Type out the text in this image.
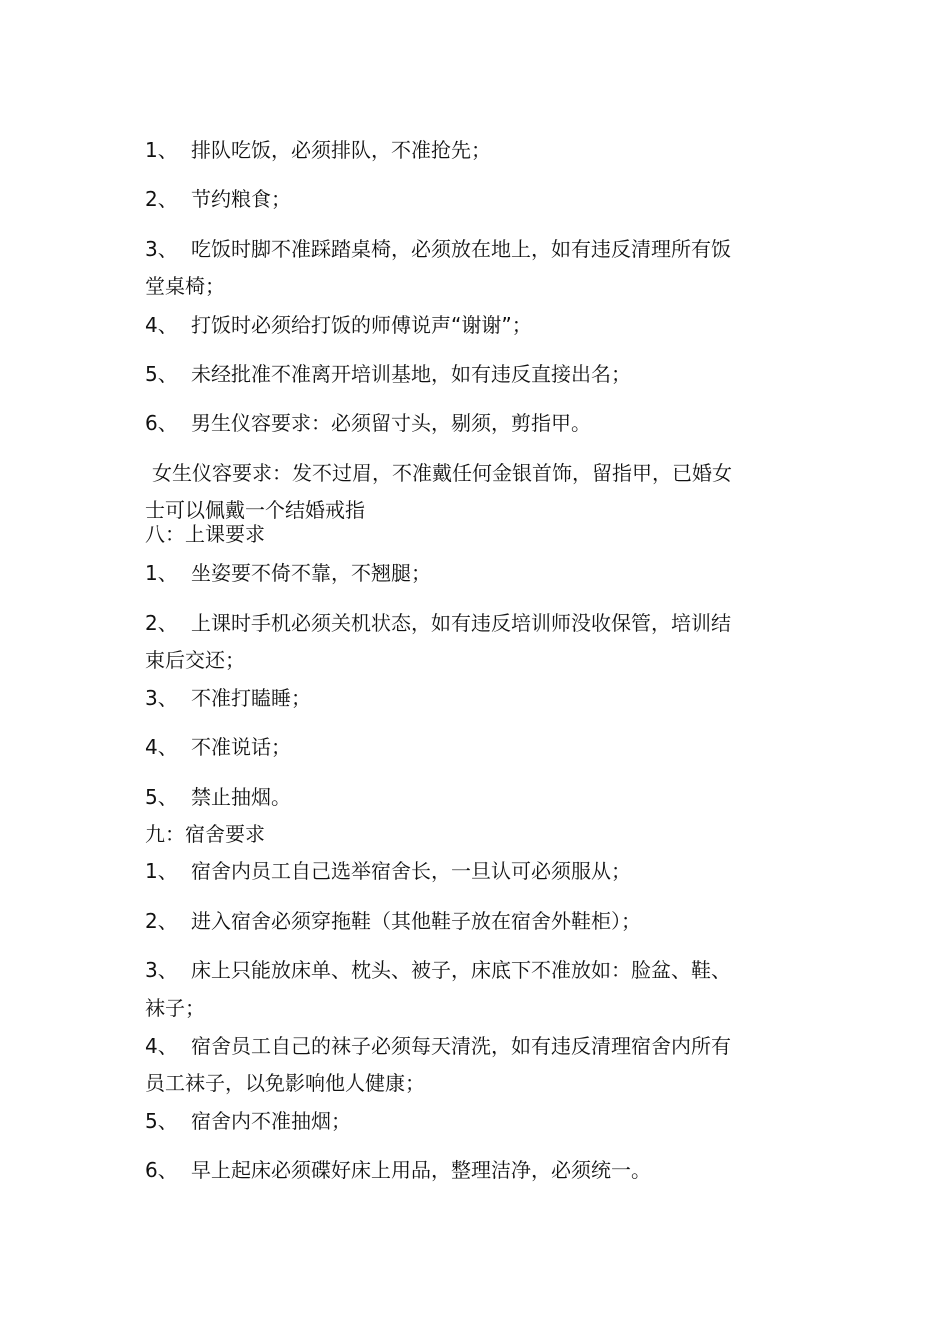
1、 排队吃饭，必须排队，不准抢先；
2、 节约粮食；
3、 吃饭时脚不准踩踏桌椅，必须放在地上，如有违反清理所有饭
堂桌椅；
4、 打饭时必须给打饭的师傅说声“谢谢”；
5、 未经批准不准离开培训基地，如有违反直接出名；
6、 男生仪容要求：必须留寸头，剔须，剪指甲。
女生仪容要求：发不过眉，不准戴任何金银首饰，留指甲，已婚女
士可以佩戴一个结婚戒指
八：上课要求
1、 坐姿要不倚不靠，不翘腿；
2、 上课时手机必须关机状态，如有违反培训师没收保管，培训结
束后交还；
3、 不准打瞌睡；
4、 不准说话；
5、 禁止抽烟。
九：宿舍要求
1、 宿舍内员工自己选举宿舍长，一旦认可必须服从；
2、 进入宿舍必须穿拖鞋（其他鞋子放在宿舍外鞋柜）；
3、 床上只能放床单、枕头、被子，床底下不准放如：脸盆、鞋、
袜子；
4、 宿舍员工自己的袜子必须每天清洗，如有违反清理宿舍内所有
员工袜子，以免影响他人健康；
5、 宿舍内不准抽烟；
6、 早上起床必须碟好床上用品，整理洁净，必须统一。
